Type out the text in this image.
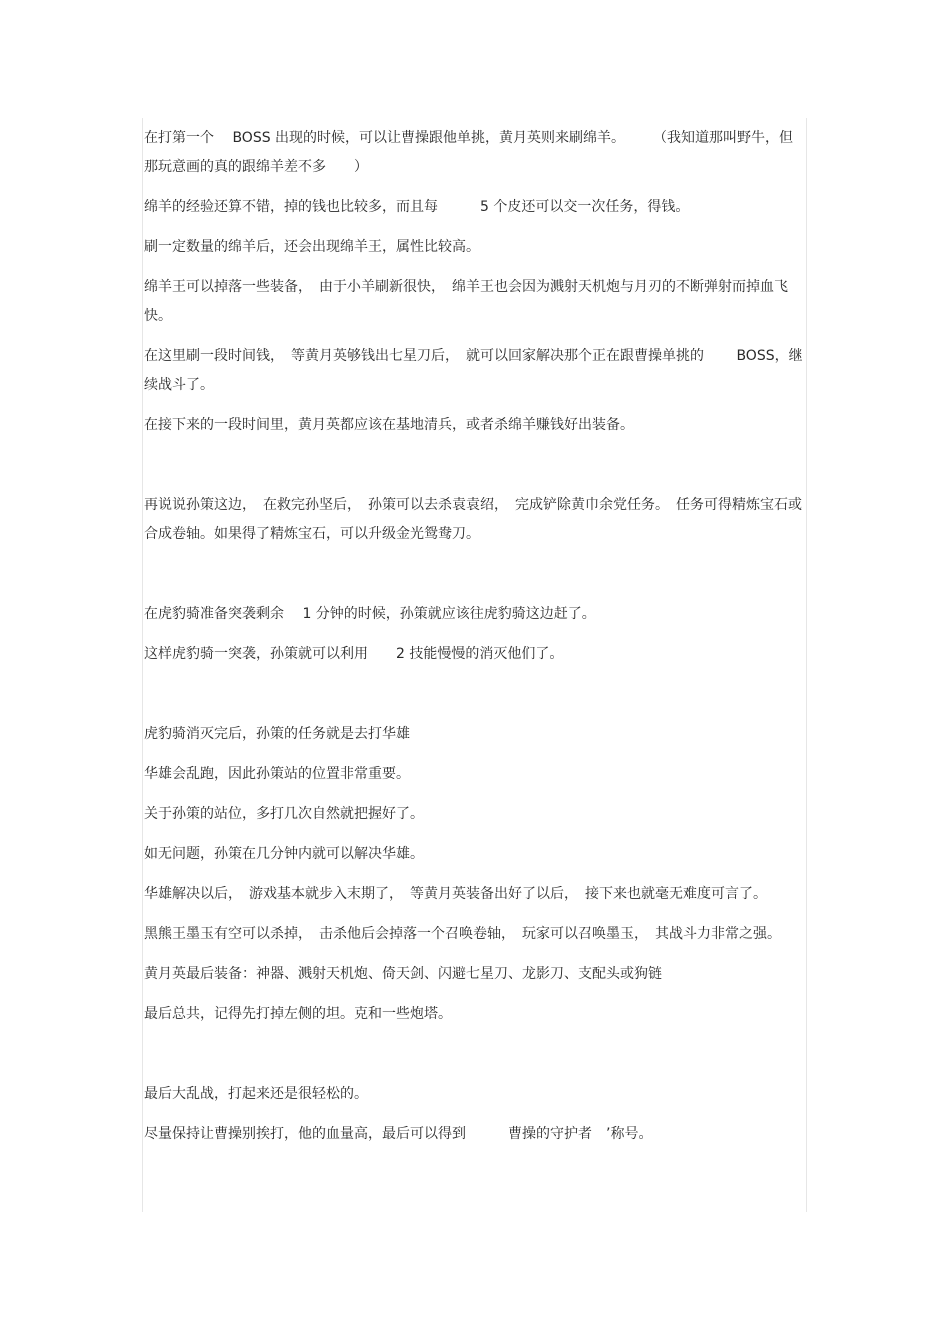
在打第一个　 BOSS 出现的时候，可以让曹操跟他单挑，黄月英则来刷绵羊。　　　（我知道那叫野牛，但那玩意画的真的跟绵羊差不多　　）

绵羊的经验还算不错，掉的钱也比较多，而且每　　　5 个皮还可以交一次任务，得钱。

刷一定数量的绵羊后，还会出现绵羊王，属性比较高。

绵羊王可以掉落一些装备，　由于小羊刷新很快，　绵羊王也会因为溅射天机炮与月刃的不断弹射而掉血飞快。

在这里刷一段时间钱，　等黄月英够钱出七星刀后，　就可以回家解决那个正在跟曹操单挑的　　 BOSS，继续战斗了。

在接下来的一段时间里，黄月英都应该在基地清兵，或者杀绵羊赚钱好出装备。

再说说孙策这边，　在救完孙坚后，　孙策可以去杀袁袁绍，　完成铲除黄巾余党任务。　任务可得精炼宝石或合成卷轴。如果得了精炼宝石，可以升级金光鸳鸯刀。

在虎豹骑准备突袭剩余　 1 分钟的时候，孙策就应该往虎豹骑这边赶了。

这样虎豹骑一突袭，孙策就可以利用　　2 技能慢慢的消灭他们了。

虎豹骑消灭完后，孙策的任务就是去打华雄

华雄会乱跑，因此孙策站的位置非常重要。

关于孙策的站位，多打几次自然就把握好了。

如无问题，孙策在几分钟内就可以解决华雄。

华雄解决以后，　游戏基本就步入末期了，　等黄月英装备出好了以后，　接下来也就毫无难度可言了。

黑熊王墨玉有空可以杀掉，　击杀他后会掉落一个召唤卷轴，　玩家可以召唤墨玉，　其战斗力非常之强。

黄月英最后装备：神器、溅射天机炮、倚天剑、闪避七星刀、龙影刀、支配头或狗链

最后总共，记得先打掉左侧的坦。克和一些炮塔。

最后大乱战，打起来还是很轻松的。

尽量保持让曹操别挨打，他的血量高，最后可以得到　　　曹操的守护者　’称号。
